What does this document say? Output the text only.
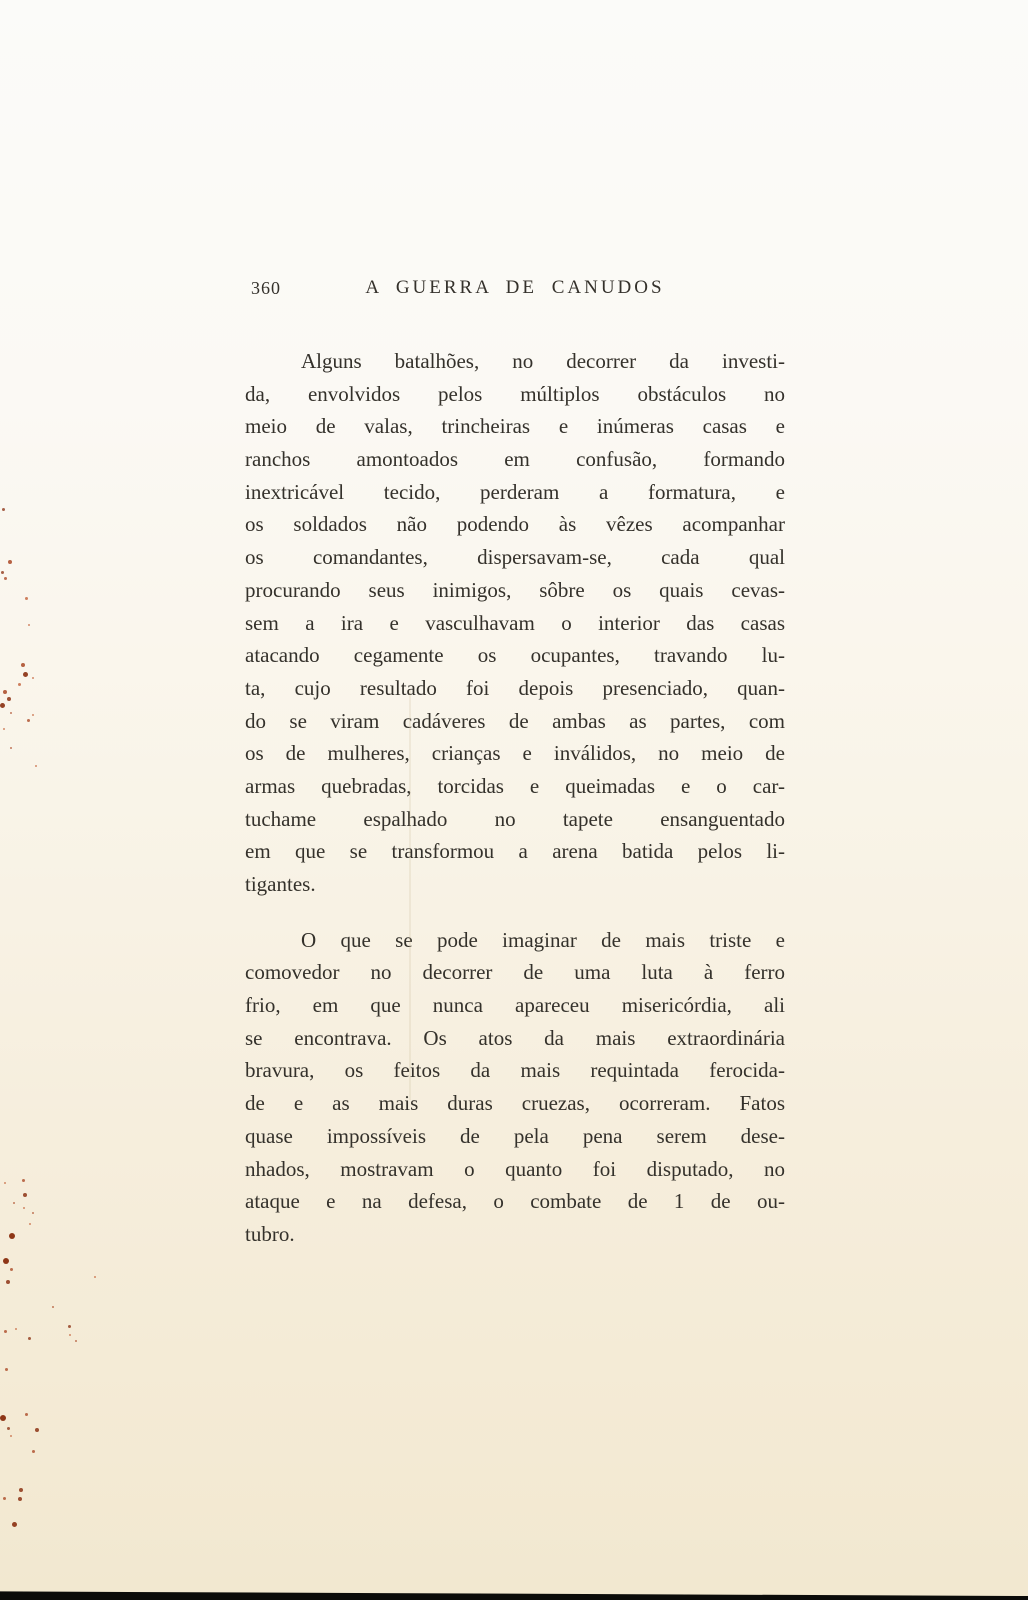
360	A GUERRA DE CANUDOS
Alguns batalhões, no decorrer da investi-
da, envolvidos pelos múltiplos obstáculos no
meio de valas, trincheiras e inúmeras casas e
ranchos amontoados em confusão, formando
inextricável tecido, perderam a formatura, e
os soldados não podendo às vêzes acompanhar
os comandantes, dispersavam-se, cada qual
procurando seus inimigos, sôbre os quais cevas-
sem a ira e vasculhavam o interior das casas
atacando cegamente os ocupantes, travando lu-
ta, cujo resultado foi depois presenciado, quan-
do se viram cadáveres de ambas as partes, com
os de mulheres, crianças e inválidos, no meio de
armas quebradas, torcidas e queimadas e o car-
tuchame espalhado no tapete ensanguentado
em que se transformou a arena batida pelos li-
tigantes.
O que se pode imaginar de mais triste e
comovedor no decorrer de uma luta à ferro
frio, em que nunca apareceu misericórdia, ali
se encontrava. Os atos da mais extraordinária
bravura, os feitos da mais requintada ferocida-
de e as mais duras cruezas, ocorreram. Fatos
quase impossíveis de pela pena serem dese-
nhados, mostravam o quanto foi disputado, no
ataque e na defesa, o combate de 1 de ou-
tubro.
